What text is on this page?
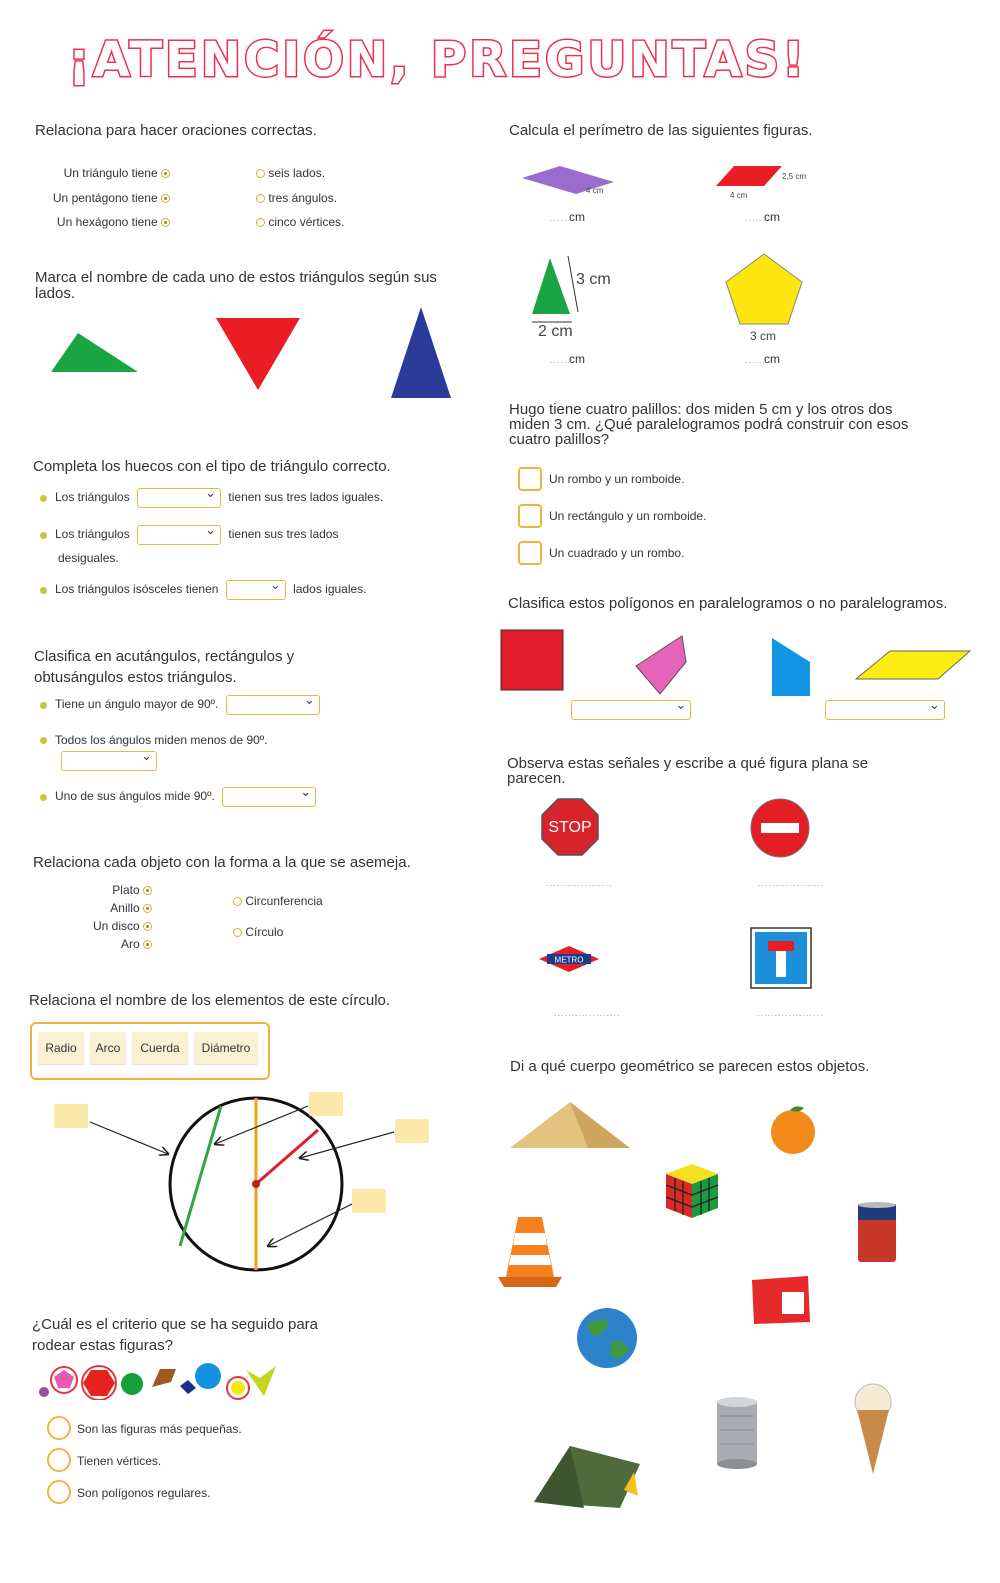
¡ATENCIÓN, PREGUNTAS!
Relaciona para hacer oraciones correctas.
Un triángulo tiene
Un pentágono tiene
Un hexágono tiene
seis lados.
tres ángulos.
cinco vértices.
Marca el nombre de cada uno de estos triángulos según sus lados.
Completa los huecos con el tipo de triángulo correcto.
Los triángulos ⌄	tienen sus tres lados iguales.
Los triángulos ⌄	tienen sus tres lados
desiguales.
Los triángulos isósceles tienen ⌄	lados iguales.
Clasifica en acutángulos, rectángulos y obtusángulos estos triángulos.
Tiene un ángulo mayor de 90º. ⌄
Todos los ángulos miden menos de 90º.
⌄
Uno de sus ángulos mide 90º. ⌄
Relaciona cada objeto con la forma a la que se asemeja.
Plato
Anillo
Un disco
Aro
Circunferencia
Círculo
Relaciona el nombre de los elementos de este círculo.
Radio	Arco	Cuerda	Diámetro
¿Cuál es el criterio que se ha seguido para rodear estas figuras?
Son las figuras más pequeñas.
Tienen vértices.
Son polígonos regulares.
Calcula el perímetro de las siguientes figuras.
4 cm
......
cm
2,5 cm
4 cm
......
cm
3 cm
2 cm
......
cm
3 cm
......
cm
Hugo tiene cuatro palillos: dos miden 5 cm y los otros dos miden 3 cm. ¿Qué paralelogramos podrá construir con esos cuatro palillos?
Un rombo y un romboide.
Un rectángulo y un romboide.
Un cuadrado y un rombo.
Clasifica estos polígonos en paralelogramos o no paralelogramos.
⌄ ⌄
Observa estas señales y escribe a qué figura plana se parecen.
STOP
...................	...................
METRO
...................	...................
Di a qué cuerpo geométrico se parecen estos objetos.
